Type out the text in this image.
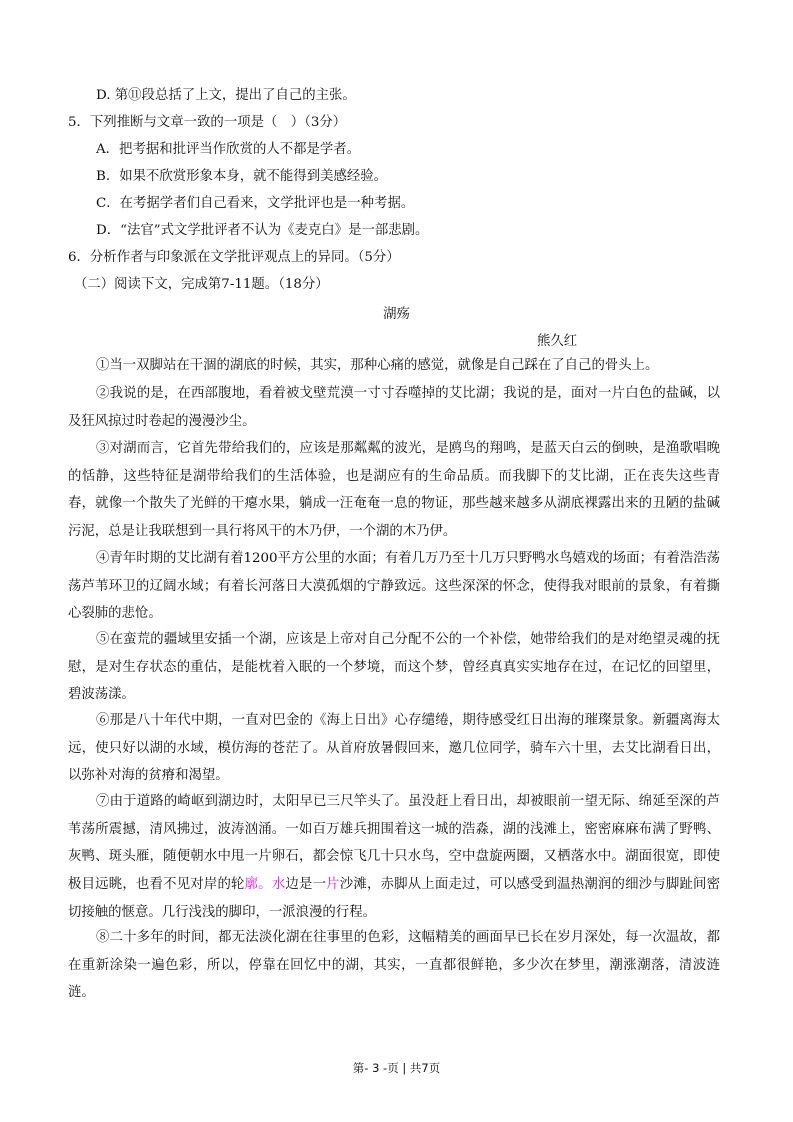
D. 第⑪段总括了上文，提出了自己的主张。
5．下列推断与文章一致的一项是（　）（3分）
A．把考据和批评当作欣赏的人不都是学者。
B．如果不欣赏形象本身，就不能得到美感经验。
C．在考据学者们自己看来，文学批评也是一种考据。
D．“法官”式文学批评者不认为《麦克白》是一部悲剧。
6．分析作者与印象派在文学批评观点上的异同。（5分）
（二）阅读下文，完成第7-11题。（18分）
湖殇
熊久红
①当一双脚站在干涸的湖底的时候，其实，那种心痛的感觉，就像是自己踩在了自己的骨头上。
②我说的是，在西部腹地，看着被戈壁荒漠一寸寸吞噬掉的艾比湖；我说的是，面对一片白色的盐碱，以及狂风掠过时卷起的漫漫沙尘。
③对湖而言，它首先带给我们的，应该是那粼粼的波光，是鸥鸟的翔鸣，是蓝天白云的倒映，是渔歌唱晚的恬静，这些特征是湖带给我们的生活体验，也是湖应有的生命品质。而我脚下的艾比湖，正在丧失这些青春，就像一个散失了光鲜的干瘪水果，躺成一汪奄奄一息的物证，那些越来越多从湖底裸露出来的丑陋的盐碱污泥，总是让我联想到一具行将风干的木乃伊，一个湖的木乃伊。
④青年时期的艾比湖有着1200平方公里的水面；有着几万乃至十几万只野鸭水鸟嬉戏的场面；有着浩浩荡荡芦苇环卫的辽阔水域；有着长河落日大漠孤烟的宁静致远。这些深深的怀念，使得我对眼前的景象，有着撕心裂肺的悲怆。
⑤在蛮荒的疆域里安插一个湖，应该是上帝对自己分配不公的一个补偿，她带给我们的是对绝望灵魂的抚慰，是对生存状态的重估，是能枕着入眠的一个梦境，而这个梦，曾经真真实实地存在过，在记忆的回望里，碧波荡漾。
⑥那是八十年代中期，一直对巴金的《海上日出》心存缱绻，期待感受红日出海的璀璨景象。新疆离海太远，使只好以湖的水域，模仿海的苍茫了。从首府放暑假回来，邀几位同学，骑车六十里，去艾比湖看日出，以弥补对海的贫瘠和渴望。
⑦由于道路的崎岖到湖边时，太阳早已三尺竿头了。虽没赶上看日出，却被眼前一望无际、绵延至深的芦苇荡所震撼，清风拂过，波涛汹涌。一如百万雄兵拥围着这一城的浩淼，湖的浅滩上，密密麻麻布满了野鸭、灰鸭、斑头雁，随便朝水中甩一片卵石，都会惊飞几十只水鸟，空中盘旋两圈，又栖落水中。湖面很宽，即使极目远眺，也看不见对岸的轮廓。水边是一片沙滩，赤脚从上面走过，可以感受到温热潮润的细沙与脚趾间密切接触的惬意。几行浅浅的脚印，一派浪漫的行程。
⑧二十多年的时间，都无法淡化湖在往事里的色彩，这幅精美的画面早已长在岁月深处，每一次温故，都在重新涂染一遍色彩，所以，停靠在回忆中的湖，其实，一直都很鲜艳，多少次在梦里，潮涨潮落，清波涟涟。
第- 3 -页 | 共7页
